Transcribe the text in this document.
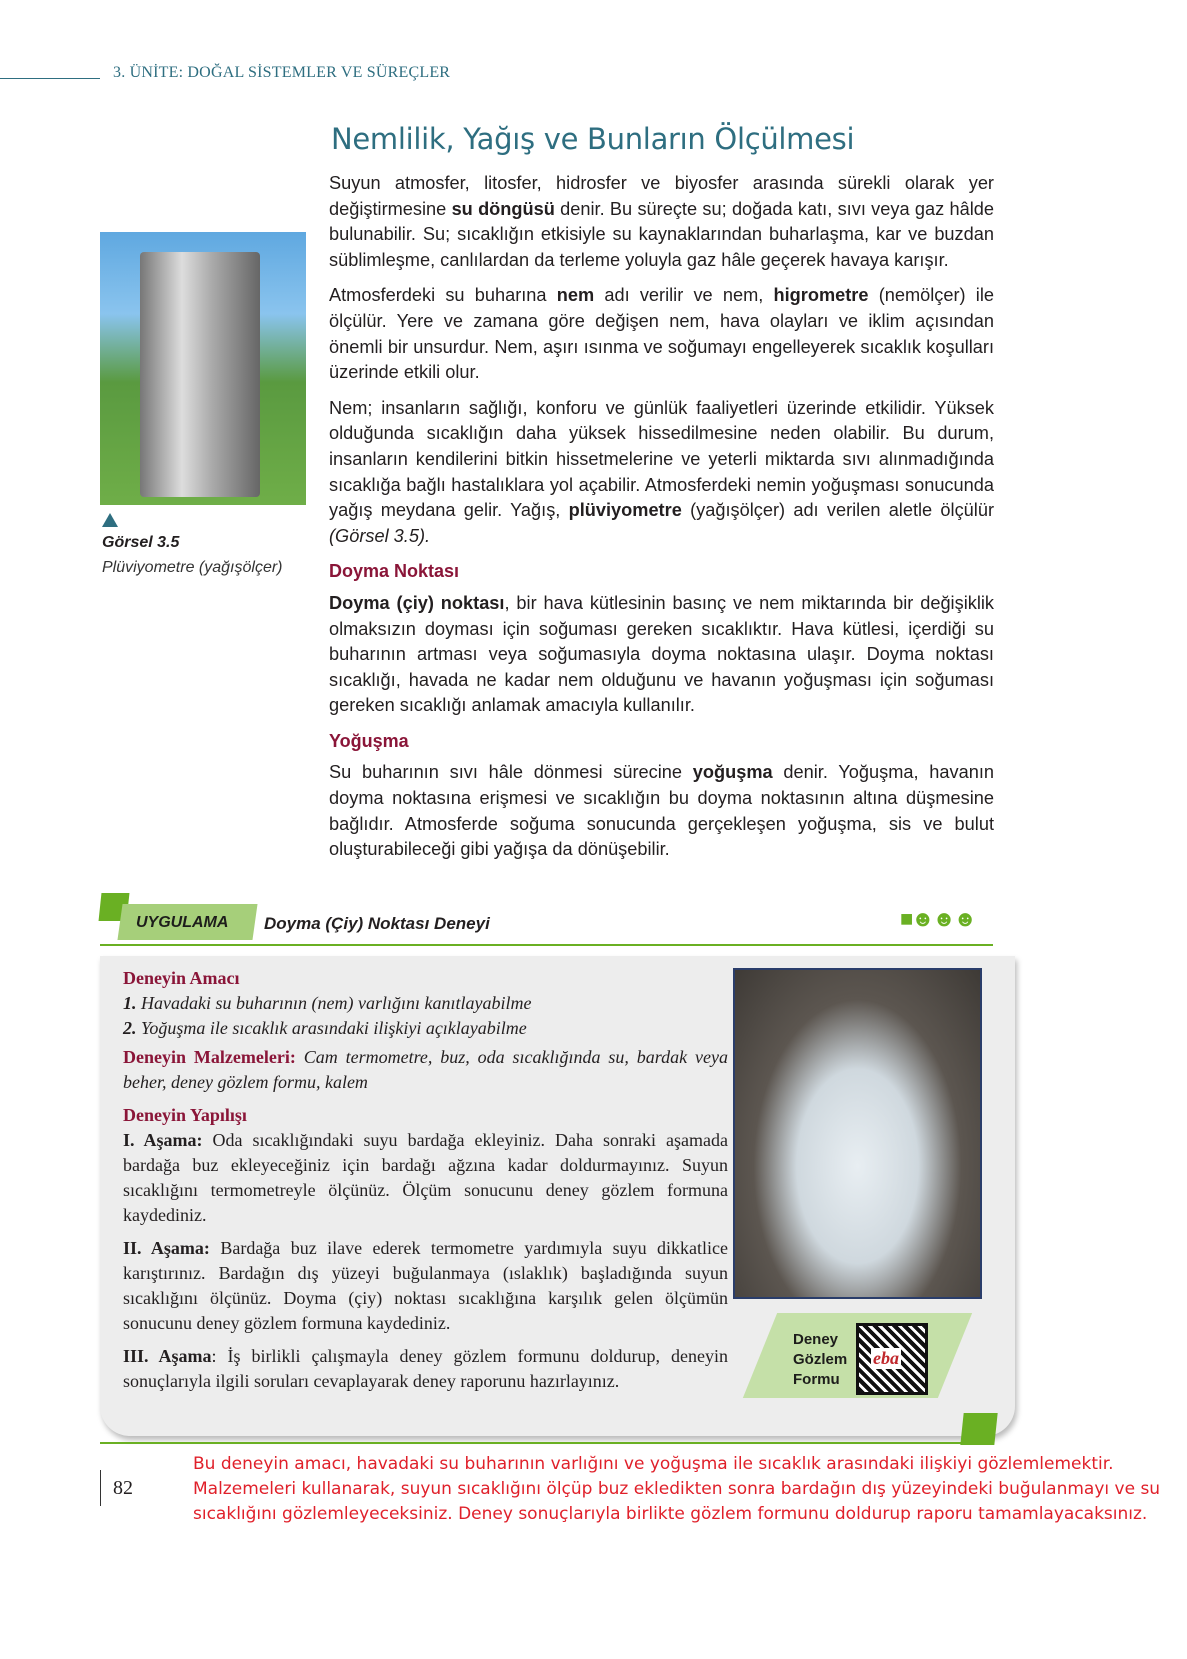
3. ÜNİTE: DOĞAL SİSTEMLER VE SÜREÇLER
Nemlilik, Yağış ve Bunların Ölçülmesi

Suyun atmosfer, litosfer, hidrosfer ve biyosfer arasında sürekli olarak yer değiştirmesine su döngüsü denir. Bu süreçte su; doğada katı, sıvı veya gaz hâlde bulunabilir. Su; sıcaklığın etkisiyle su kaynaklarından buharlaşma, kar ve buzdan süblimleşme, canlılardan da terleme yoluyla gaz hâle geçerek havaya karışır.

Atmosferdeki su buharına nem adı verilir ve nem, higrometre (nemölçer) ile ölçülür. Yere ve zamana göre değişen nem, hava olayları ve iklim açısından önemli bir unsurdur. Nem, aşırı ısınma ve soğumayı engelleyerek sıcaklık koşulları üzerinde etkili olur.

Nem; insanların sağlığı, konforu ve günlük faaliyetleri üzerinde etkilidir. Yüksek olduğunda sıcaklığın daha yüksek hissedilmesine neden olabilir. Bu durum, insanların kendilerini bitkin hissetmelerine ve yeterli miktarda sıvı alınmadığında sıcaklığa bağlı hastalıklara yol açabilir. Atmosferdeki nemin yoğuşması sonucunda yağış meydana gelir. Yağış, plüviyometre (yağışölçer) adı verilen aletle ölçülür (Görsel 3.5).

Doyma Noktası

Doyma (çiy) noktası, bir hava kütlesinin basınç ve nem miktarında bir değişiklik olmaksızın doyması için soğuması gereken sıcaklıktır. Hava kütlesi, içerdiği su buharının artması veya soğumasıyla doyma noktasına ulaşır. Doyma noktası sıcaklığı, havada ne kadar nem olduğunu ve havanın yoğuşması için soğuması gereken sıcaklığı anlamak amacıyla kullanılır.

Yoğuşma

Su buharının sıvı hâle dönmesi sürecine yoğuşma denir. Yoğuşma, havanın doyma noktasına erişmesi ve sıcaklığın bu doyma noktasının altına düşmesine bağlıdır. Atmosferde soğuma sonucunda gerçekleşen yoğuşma, sis ve bulut oluşturabileceği gibi yağışa da dönüşebilir.

Görsel 3.5
Plüviyometre (yağışölçer)
UYGULAMA Doyma (Çiy) Noktası Deneyi	■☻☻☻
Deneyin Amacı
1. Havadaki su buharının (nem) varlığını kanıtlayabilme
2. Yoğuşma ile sıcaklık arasındaki ilişkiyi açıklayabilme

Deneyin Malzemeleri: Cam termometre, buz, oda sıcaklığında su, bardak veya beher, deney gözlem formu, kalem

Deneyin Yapılışı

I. Aşama: Oda sıcaklığındaki suyu bardağa ekleyiniz. Daha sonraki aşamada bardağa buz ekleyeceğiniz için bardağı ağzına kadar doldurmayınız. Suyun sıcaklığını termometreyle ölçünüz. Ölçüm sonucunu deney gözlem formuna kaydediniz.

II. Aşama: Bardağa buz ilave ederek termometre yardımıyla suyu dikkatlice karıştırınız. Bardağın dış yüzeyi buğulanmaya (ıslaklık) başladığında suyun sıcaklığını ölçünüz. Doyma (çiy) noktası sıcaklığına karşılık gelen ölçümün sonucunu deney gözlem formuna kaydediniz.

III. Aşama: İş birlikli çalışmayla deney gözlem formunu doldurup, deneyin sonuçlarıyla ilgili soruları cevaplayarak deney raporunu hazırlayınız.

Deney
Gözlem
Formu
eba
82
Bu deneyin amacı, havadaki su buharının varlığını ve yoğuşma ile sıcaklık arasındaki ilişkiyi gözlemlemektir. Malzemeleri kullanarak, suyun sıcaklığını ölçüp buz ekledikten sonra bardağın dış yüzeyindeki buğulanmayı ve su sıcaklığını gözlemleyeceksiniz. Deney sonuçlarıyla birlikte gözlem formunu doldurup raporu tamamlayacaksınız.
